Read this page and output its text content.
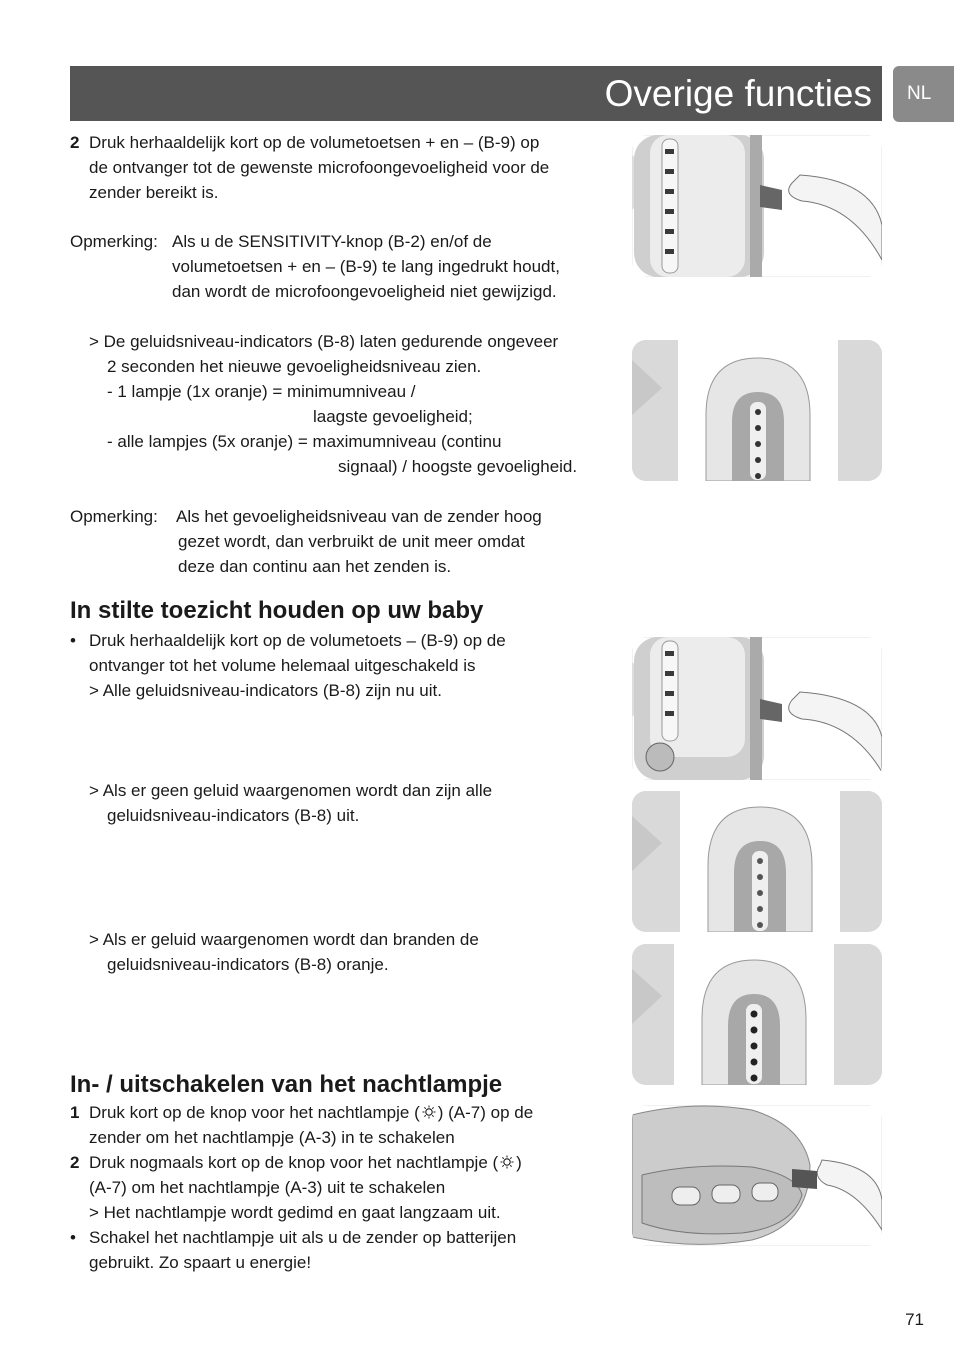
Overige functies	NL
2 Druk herhaaldelijk kort op de volumetoetsen + en – (B-9) op
de ontvanger tot de gewenste microfoongevoeligheid voor de
zender bereikt is.
Opmerking: Als u de SENSITIVITY-knop (B-2) en/of de
volumetoetsen + en – (B-9) te lang ingedrukt houdt,
dan wordt de microfoongevoeligheid niet gewijzigd.
> De geluidsniveau-indicators (B-8) laten gedurende ongeveer
2 seconden het nieuwe gevoeligheidsniveau zien.
- 1 lampje (1x oranje) = minimumniveau /
laagste gevoeligheid;
- alle lampjes (5x oranje) = maximumniveau (continu
signaal) / hoogste gevoeligheid.
Opmerking: Als het gevoeligheidsniveau van de zender hoog
gezet wordt, dan verbruikt de unit meer omdat
deze dan continu aan het zenden is.
In stilte toezicht houden op uw baby
• Druk herhaaldelijk kort op de volumetoets – (B-9) op de
ontvanger tot het volume helemaal uitgeschakeld is
> Alle geluidsniveau-indicators (B-8) zijn nu uit.
> Als er geen geluid waargenomen wordt dan zijn alle
geluidsniveau-indicators (B-8) uit.
> Als er geluid waargenomen wordt dan branden de
geluidsniveau-indicators (B-8) oranje.
In- / uitschakelen van het nachtlampje
1 Druk kort op de knop voor het nachtlampje ( ) (A-7) op de
zender om het nachtlampje (A-3) in te schakelen
2 Druk nogmaals kort op de knop voor het nachtlampje ( )
(A-7) om het nachtlampje (A-3) uit te schakelen
> Het nachtlampje wordt gedimd en gaat langzaam uit.
• Schakel het nachtlampje uit als u de zender op batterijen
gebruikt. Zo spaart u energie!
71
